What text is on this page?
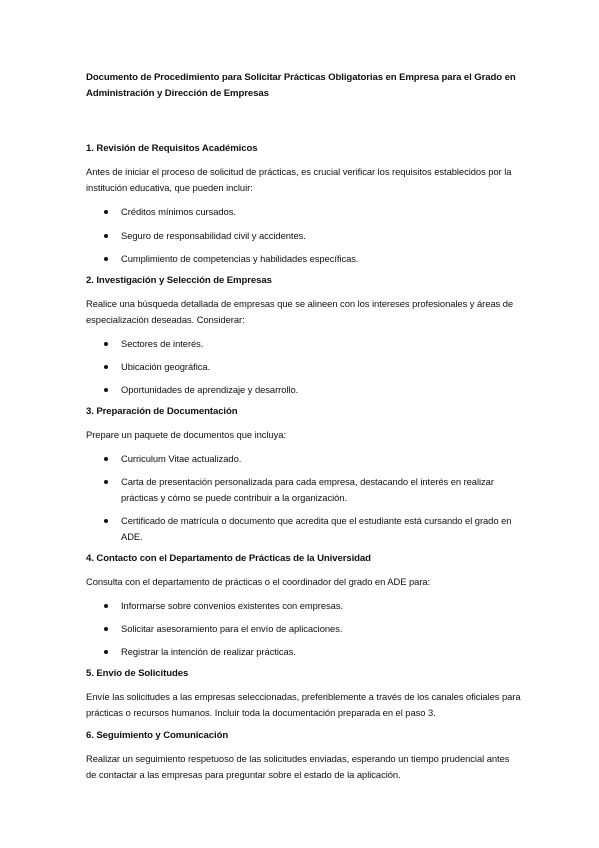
Documento de Procedimiento para Solicitar Prácticas Obligatorias en Empresa para el Grado en Administración y Dirección de Empresas
1. Revisión de Requisitos Académicos

Antes de iniciar el proceso de solicitud de prácticas, es crucial verificar los requisitos establecidos por la institución educativa, que pueden incluir:

Créditos mínimos cursados.
Seguro de responsabilidad civil y accidentes.
Cumplimiento de competencias y habilidades específicas.
2. Investigación y Selección de Empresas

Realice una búsqueda detallada de empresas que se alineen con los intereses profesionales y áreas de especialización deseadas. Considerar:

Sectores de interés.
Ubicación geográfica.
Oportunidades de aprendizaje y desarrollo.
3. Preparación de Documentación

Prepare un paquete de documentos que incluya:

Curriculum Vitae actualizado.
Carta de presentación personalizada para cada empresa, destacando el interés en realizar prácticas y cómo se puede contribuir a la organización.
Certificado de matrícula o documento que acredita que el estudiante está cursando el grado en ADE.
4. Contacto con el Departamento de Prácticas de la Universidad

Consulta con el departamento de prácticas o el coordinador del grado en ADE para:

Informarse sobre convenios existentes con empresas.
Solicitar asesoramiento para el envío de aplicaciones.
Registrar la intención de realizar prácticas.
5. Envío de Solicitudes

Envíe las solicitudes a las empresas seleccionadas, preferiblemente a través de los canales oficiales para prácticas o recursos humanos. Incluir toda la documentación preparada en el paso 3.

6. Seguimiento y Comunicación

Realizar un seguimiento respetuoso de las solicitudes enviadas, esperando un tiempo prudencial antes de contactar a las empresas para preguntar sobre el estado de la aplicación.
